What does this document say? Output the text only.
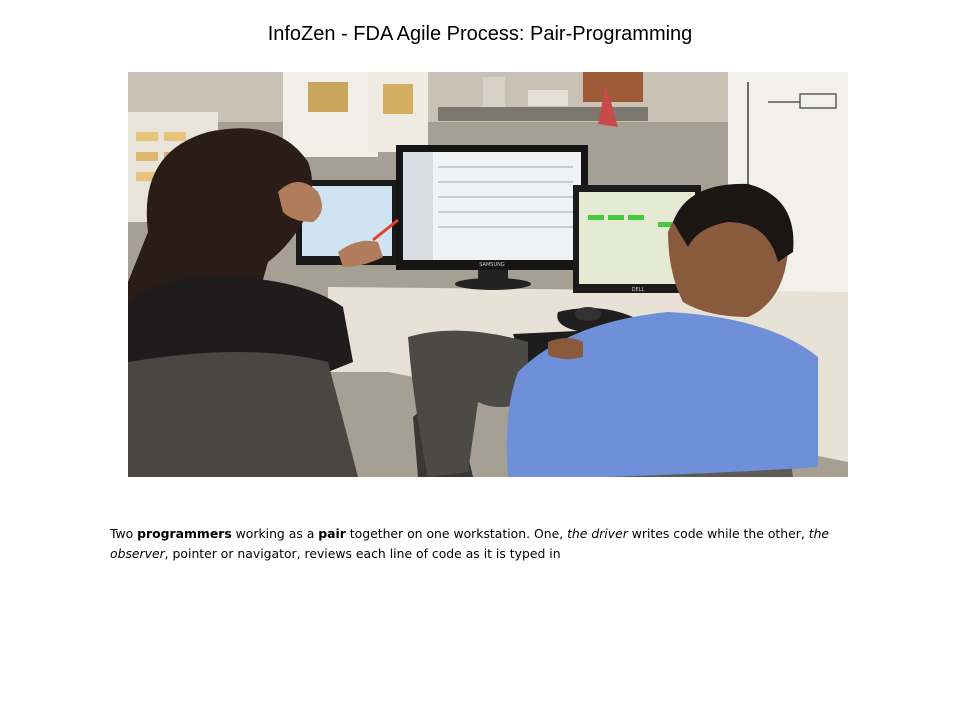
InfoZen - FDA Agile Process: Pair-Programming
SAMSUNG
DELL

Two programmers working as a pair together on one workstation. One, the driver writes code while the other, the observer, pointer or navigator, reviews each line of code as it is typed in
